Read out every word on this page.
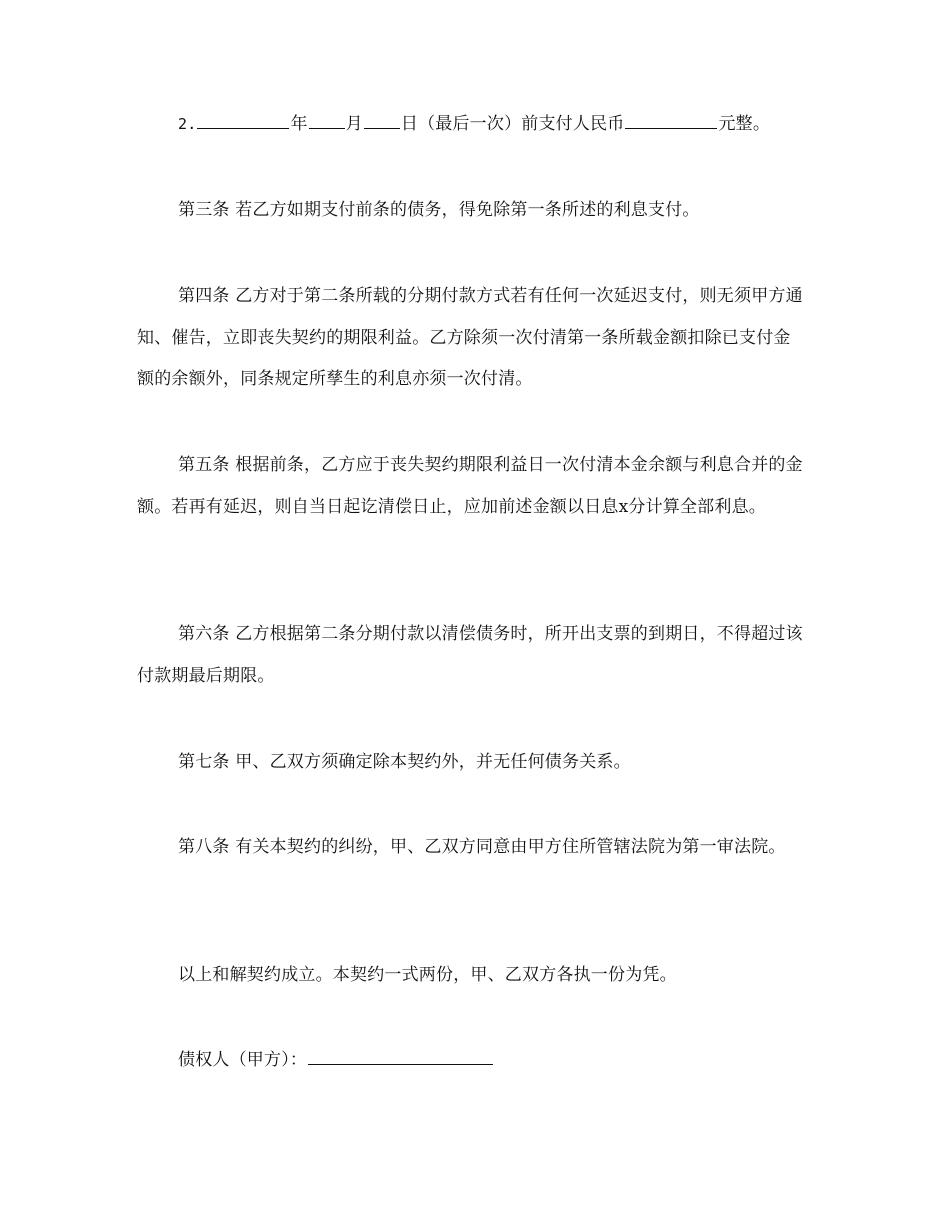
2.	年 月 日（最后一次）前支付人民币	元整。

第三条 若乙方如期支付前条的债务，得免除第一条所述的利息支付。

第四条 乙方对于第二条所载的分期付款方式若有任何一次延迟支付，则无须甲方通知、催告，立即丧失契约的期限利益。乙方除须一次付清第一条所载金额扣除已支付金额的余额外，同条规定所孳生的利息亦须一次付清。

第五条 根据前条，乙方应于丧失契约期限利益日一次付清本金余额与利息合并的金额。若再有延迟，则自当日起讫清偿日止，应加前述金额以日息x分计算全部利息。

第六条 乙方根据第二条分期付款以清偿债务时，所开出支票的到期日，不得超过该付款期最后期限。

第七条 甲、乙双方须确定除本契约外，并无任何债务关系。

第八条 有关本契约的纠纷，甲、乙双方同意由甲方住所管辖法院为第一审法院。

以上和解契约成立。本契约一式两份，甲、乙双方各执一份为凭。

债权人（甲方）：
